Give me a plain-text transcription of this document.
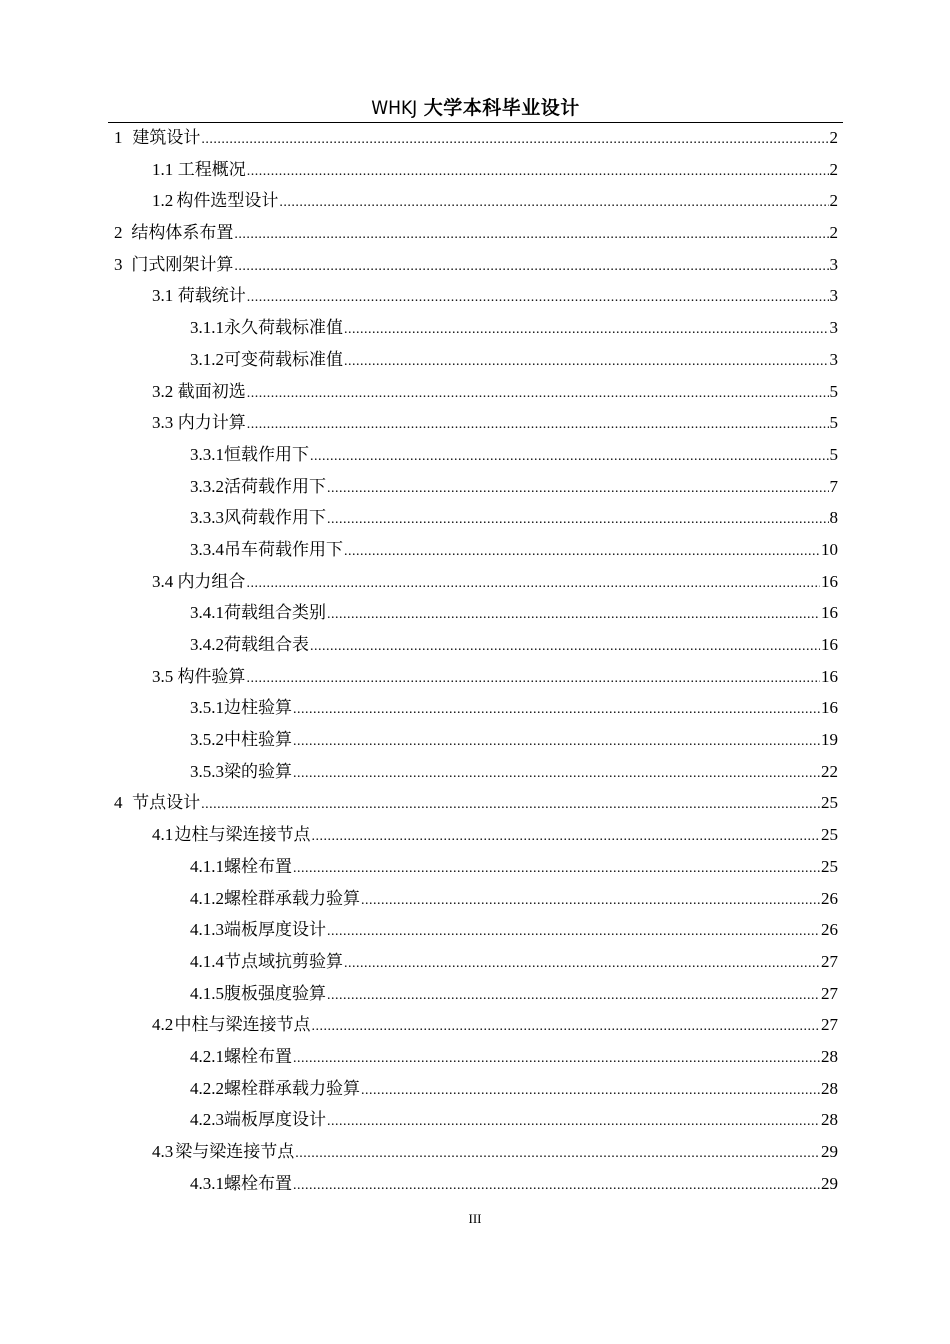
WHKJ 大学本科毕业设计
1 建筑设计 .....	2
1.1 工程概况 .....	2
1.2 构件选型设计 .....	2
2 结构体系布置 .....	2
3 门式刚架计算 .....	3
3.1 荷载统计 .....	3
3.1.1 永久荷载标准值 .....	3
3.1.2 可变荷载标准值 .....	3
3.2 截面初选 .....	5
3.3 内力计算 .....	5
3.3.1 恒载作用下 .....	5
3.3.2 活荷载作用下 .....	7
3.3.3 风荷载作用下 .....	8
3.3.4 吊车荷载作用下 .....	10
3.4 内力组合 .....	16
3.4.1 荷载组合类别 .....	16
3.4.2 荷载组合表 .....	16
3.5 构件验算 .....	16
3.5.1 边柱验算 .....	16
3.5.2 中柱验算 .....	19
3.5.3 梁的验算 .....	22
4 节点设计 .....	25
4.1 边柱与梁连接节点 .....	25
4.1.1 螺栓布置 .....	25
4.1.2 螺栓群承载力验算 .....	26
4.1.3 端板厚度设计 .....	26
4.1.4 节点域抗剪验算 .....	27
4.1.5 腹板强度验算 .....	27
4.2 中柱与梁连接节点 .....	27
4.2.1 螺栓布置 .....	28
4.2.2 螺栓群承载力验算 .....	28
4.2.3 端板厚度设计 .....	28
4.3 梁与梁连接节点 .....	29
4.3.1 螺栓布置 .....	29
III
